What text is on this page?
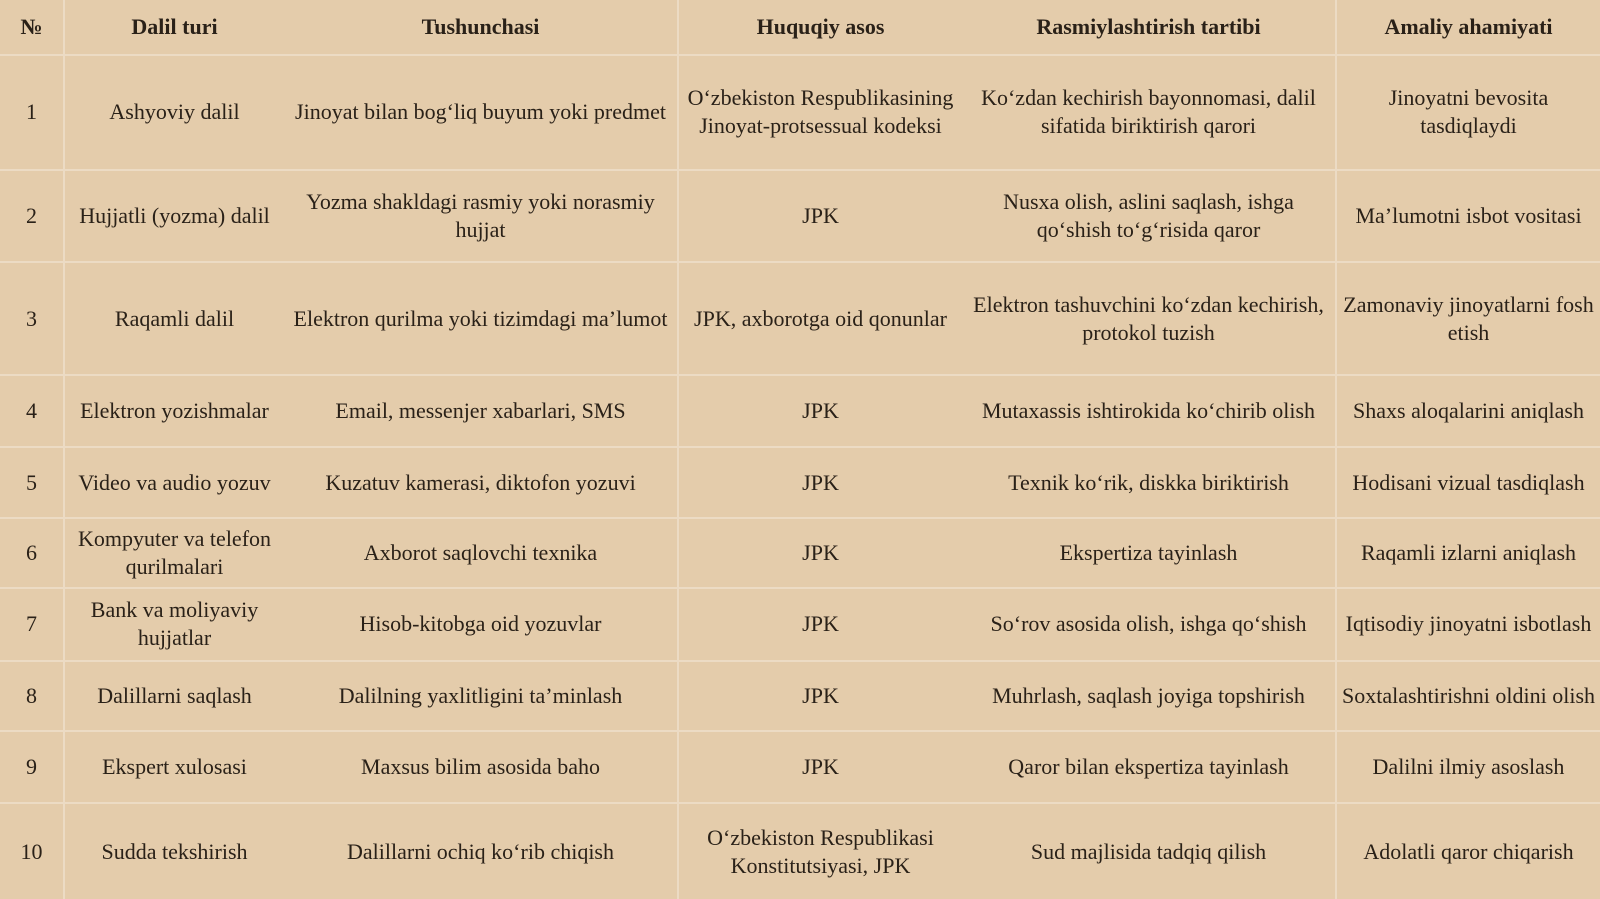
№	Dalil turi	Tushunchasi	Huquqiy asos	Rasmiylashtirish tartibi	Amaliy ahamiyati
1	Ashyoviy dalil	Jinoyat bilan bog‘liq buyum yoki predmet	O‘zbekiston Respublikasining Jinoyat-protsessual kodeksi	Ko‘zdan kechirish bayonnomasi, dalil sifatida biriktirish qarori	Jinoyatni bevosita tasdiqlaydi
2	Hujjatli (yozma) dalil	Yozma shakldagi rasmiy yoki norasmiy hujjat	JPK	Nusxa olish, aslini saqlash, ishga qo‘shish to‘g‘risida qaror	Ma’lumotni isbot vositasi
3	Raqamli dalil	Elektron qurilma yoki tizimdagi ma’lumot	JPK, axborotga oid qonunlar	Elektron tashuvchini ko‘zdan kechirish, protokol tuzish	Zamonaviy jinoyatlarni fosh etish
4	Elektron yozishmalar	Email, messenjer xabarlari, SMS	JPK	Mutaxassis ishtirokida ko‘chirib olish	Shaxs aloqalarini aniqlash
5	Video va audio yozuv	Kuzatuv kamerasi, diktofon yozuvi	JPK	Texnik ko‘rik, diskka biriktirish	Hodisani vizual tasdiqlash
6	Kompyuter va telefon qurilmalari	Axborot saqlovchi texnika	JPK	Ekspertiza tayinlash	Raqamli izlarni aniqlash
7	Bank va moliyaviy hujjatlar	Hisob-kitobga oid yozuvlar	JPK	So‘rov asosida olish, ishga qo‘shish	Iqtisodiy jinoyatni isbotlash
8	Dalillarni saqlash	Dalilning yaxlitligini ta’minlash	JPK	Muhrlash, saqlash joyiga topshirish	Soxtalashtirishni oldini olish
9	Ekspert xulosasi	Maxsus bilim asosida baho	JPK	Qaror bilan ekspertiza tayinlash	Dalilni ilmiy asoslash
10	Sudda tekshirish	Dalillarni ochiq ko‘rib chiqish	O‘zbekiston Respublikasi Konstitutsiyasi, JPK	Sud majlisida tadqiq qilish	Adolatli qaror chiqarish
